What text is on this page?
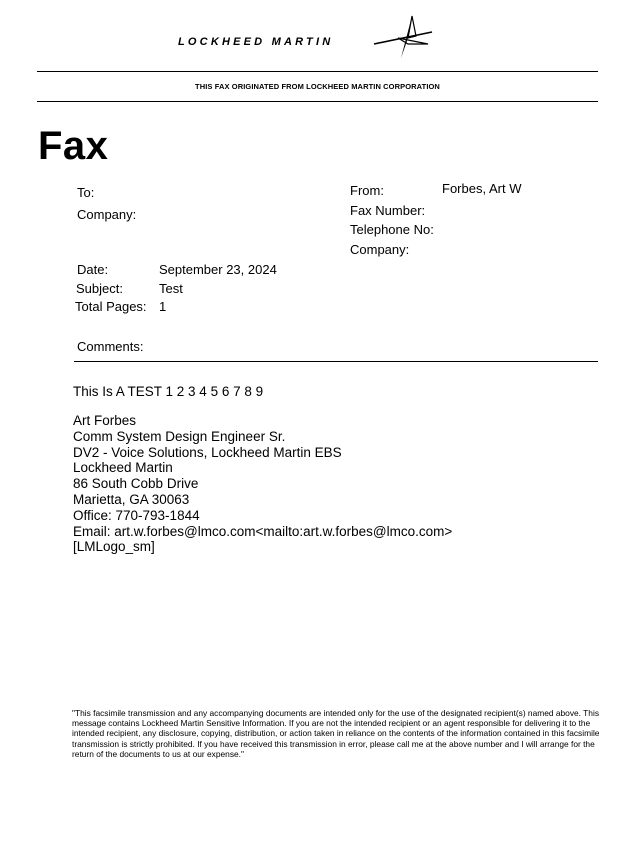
LOCKHEED MARTIN
THIS FAX ORIGINATED FROM LOCKHEED MARTIN CORPORATION
Fax
To:
Company:
From:	Forbes, Art W
Fax Number:
Telephone No:
Company:
Date:	September 23, 2024
Subject:	Test
Total Pages: 1
Comments:
This Is A TEST 1 2 3 4 5 6 7 8 9
Art Forbes
Comm System Design Engineer Sr.
DV2 - Voice Solutions, Lockheed Martin EBS
Lockheed Martin
86 South Cobb Drive
Marietta, GA 30063
Office: 770-793-1844
Email: art.w.forbes@lmco.com<mailto:art.w.forbes@lmco.com>
[LMLogo_sm]
"This facsimile transmission and any accompanying documents are intended only for the use of the designated recipient(s) named above. This message contains Lockheed Martin Sensitive Information. If you are not the intended recipient or an agent responsible for delivering it to the intended recipient, any disclosure, copying, distribution, or action taken in reliance on the contents of the information contained in this facsimile transmission is strictly prohibited. If you have received this transmission in error, please call me at the above number and I will arrange for the return of the documents to us at our expense."
